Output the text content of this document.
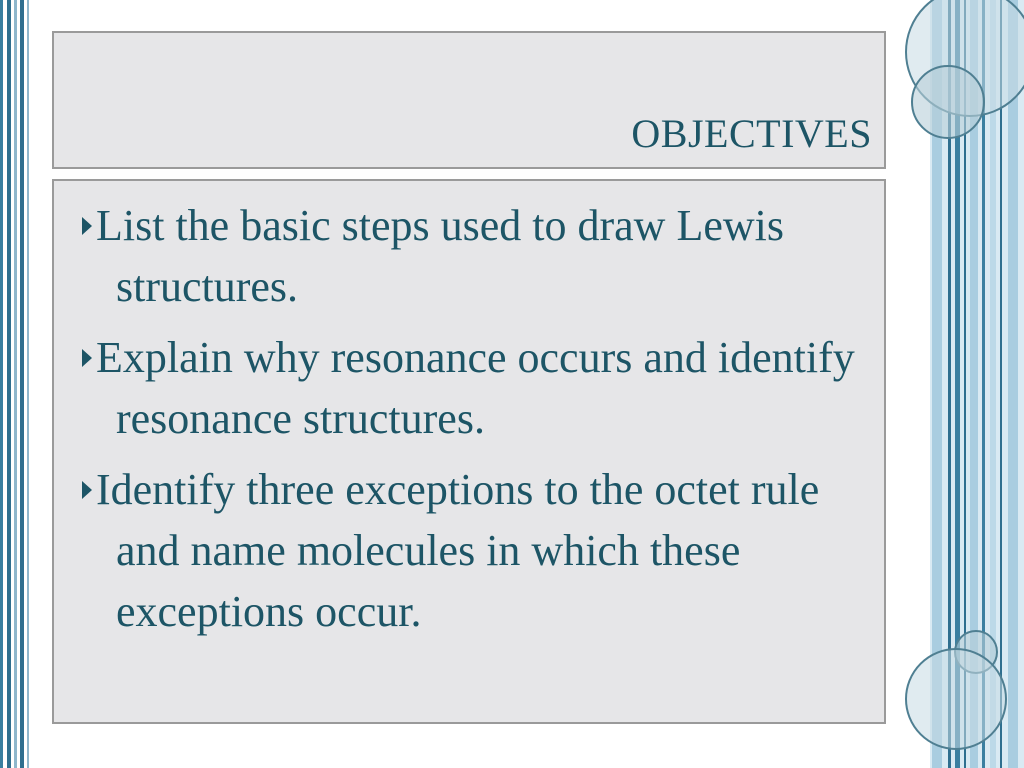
OBJECTIVES
List the basic steps used to draw Lewis structures.
Explain why resonance occurs and identify resonance structures.
Identify three exceptions to the octet rule and name molecules in which these exceptions occur.
